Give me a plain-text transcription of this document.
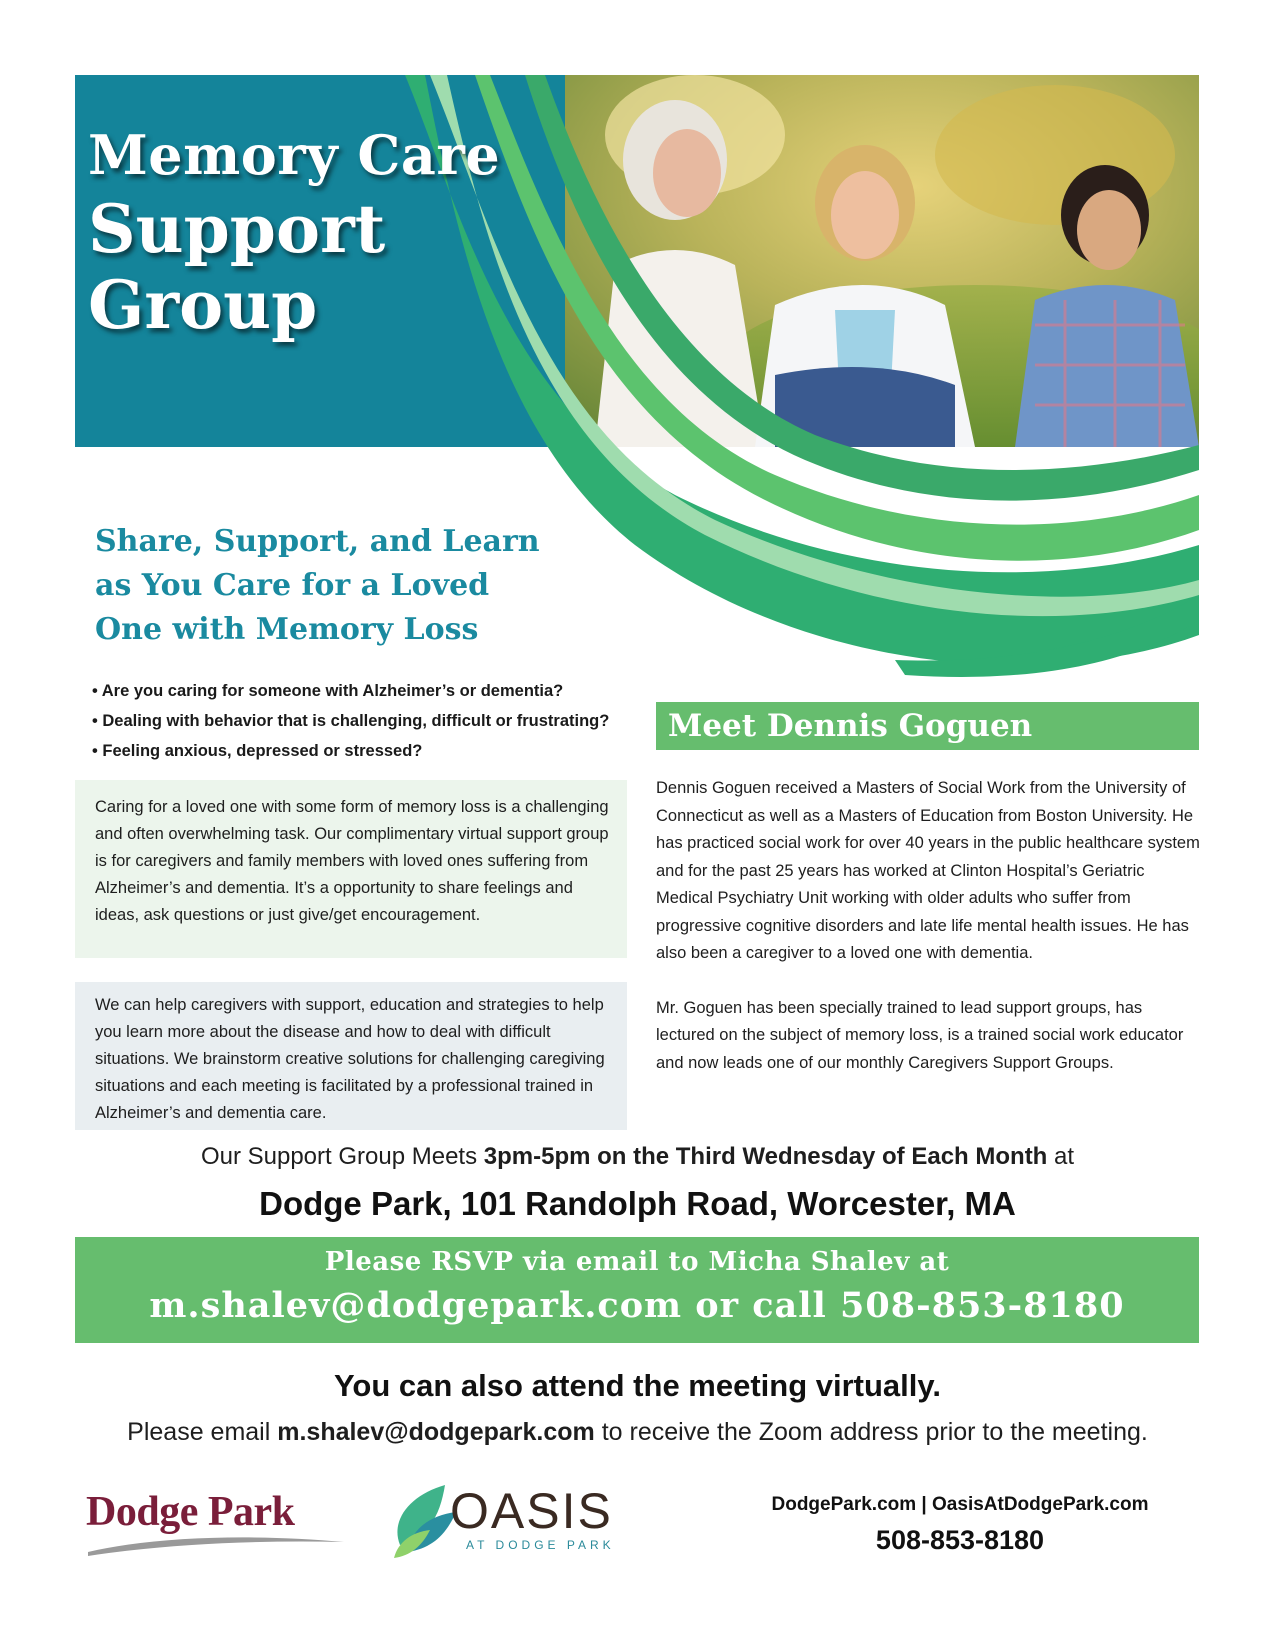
Memory Care
Support
Group
Share, Support, and Learn
as You Care for a Loved
One with Memory Loss
• Are you caring for someone with Alzheimer’s or dementia?
• Dealing with behavior that is challenging, difficult or frustrating?
• Feeling anxious, depressed or stressed?
Caring for a loved one with some form of memory loss is a challenging and often overwhelming task. Our complimentary virtual support group is for caregivers and family members with loved ones suffering from Alzheimer’s and dementia. It’s a opportunity to share feelings and ideas, ask questions or just give/get encouragement.
We can help caregivers with support, education and strategies to help you learn more about the disease and how to deal with difficult situations. We brainstorm creative solutions for challenging caregiving situations and each meeting is facilitated by a professional trained in Alzheimer’s and dementia care.
Meet Dennis Goguen

Dennis Goguen received a Masters of Social Work from the University of Connecticut as well as a Masters of Education from Boston University. He has practiced social work for over 40 years in the public healthcare system and for the past 25 years has worked at Clinton Hospital’s Geriatric Medical Psychiatry Unit working with older adults who suffer from progressive cognitive disorders and late life mental health issues. He has also been a caregiver to a loved one with dementia.

Mr. Goguen has been specially trained to lead support groups, has lectured on the subject of memory loss, is a trained social work educator and now leads one of our monthly Caregivers Support Groups.

Our Support Group Meets 3pm-5pm on the Third Wednesday of Each Month at
Dodge Park, 101 Randolph Road, Worcester, MA
Please RSVP via email to Micha Shalev at
m.shalev@dodgepark.com or call 508-853-8180
You can also attend the meeting virtually.
Please email m.shalev@dodgepark.com to receive the Zoom address prior to the meeting.
Dodge Park	OASIS
AT DODGE PARK
DodgePark.com | OasisAtDodgePark.com
508-853-8180
